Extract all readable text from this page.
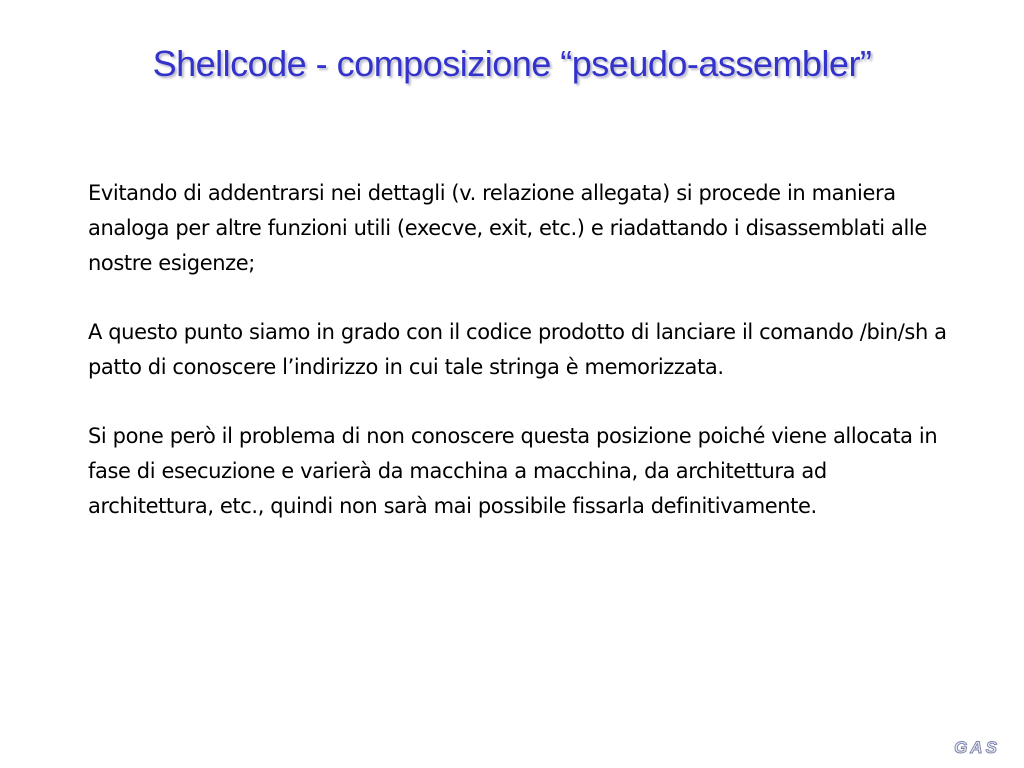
Shellcode - composizione “pseudo-assembler”

Evitando di addentrarsi nei dettagli (v. relazione allegata) si procede in maniera analoga per altre funzioni utili (execve, exit, etc.) e riadattando i disassemblati alle nostre esigenze;

A questo punto siamo in grado con il codice prodotto di lanciare il comando /bin/sh a patto di conoscere l’indirizzo in cui tale stringa è memorizzata.

Si pone però il problema di non conoscere questa posizione poiché viene allocata in fase di esecuzione e varierà da macchina a macchina, da architettura ad architettura, etc., quindi non sarà mai possibile fissarla definitivamente.

GAS
